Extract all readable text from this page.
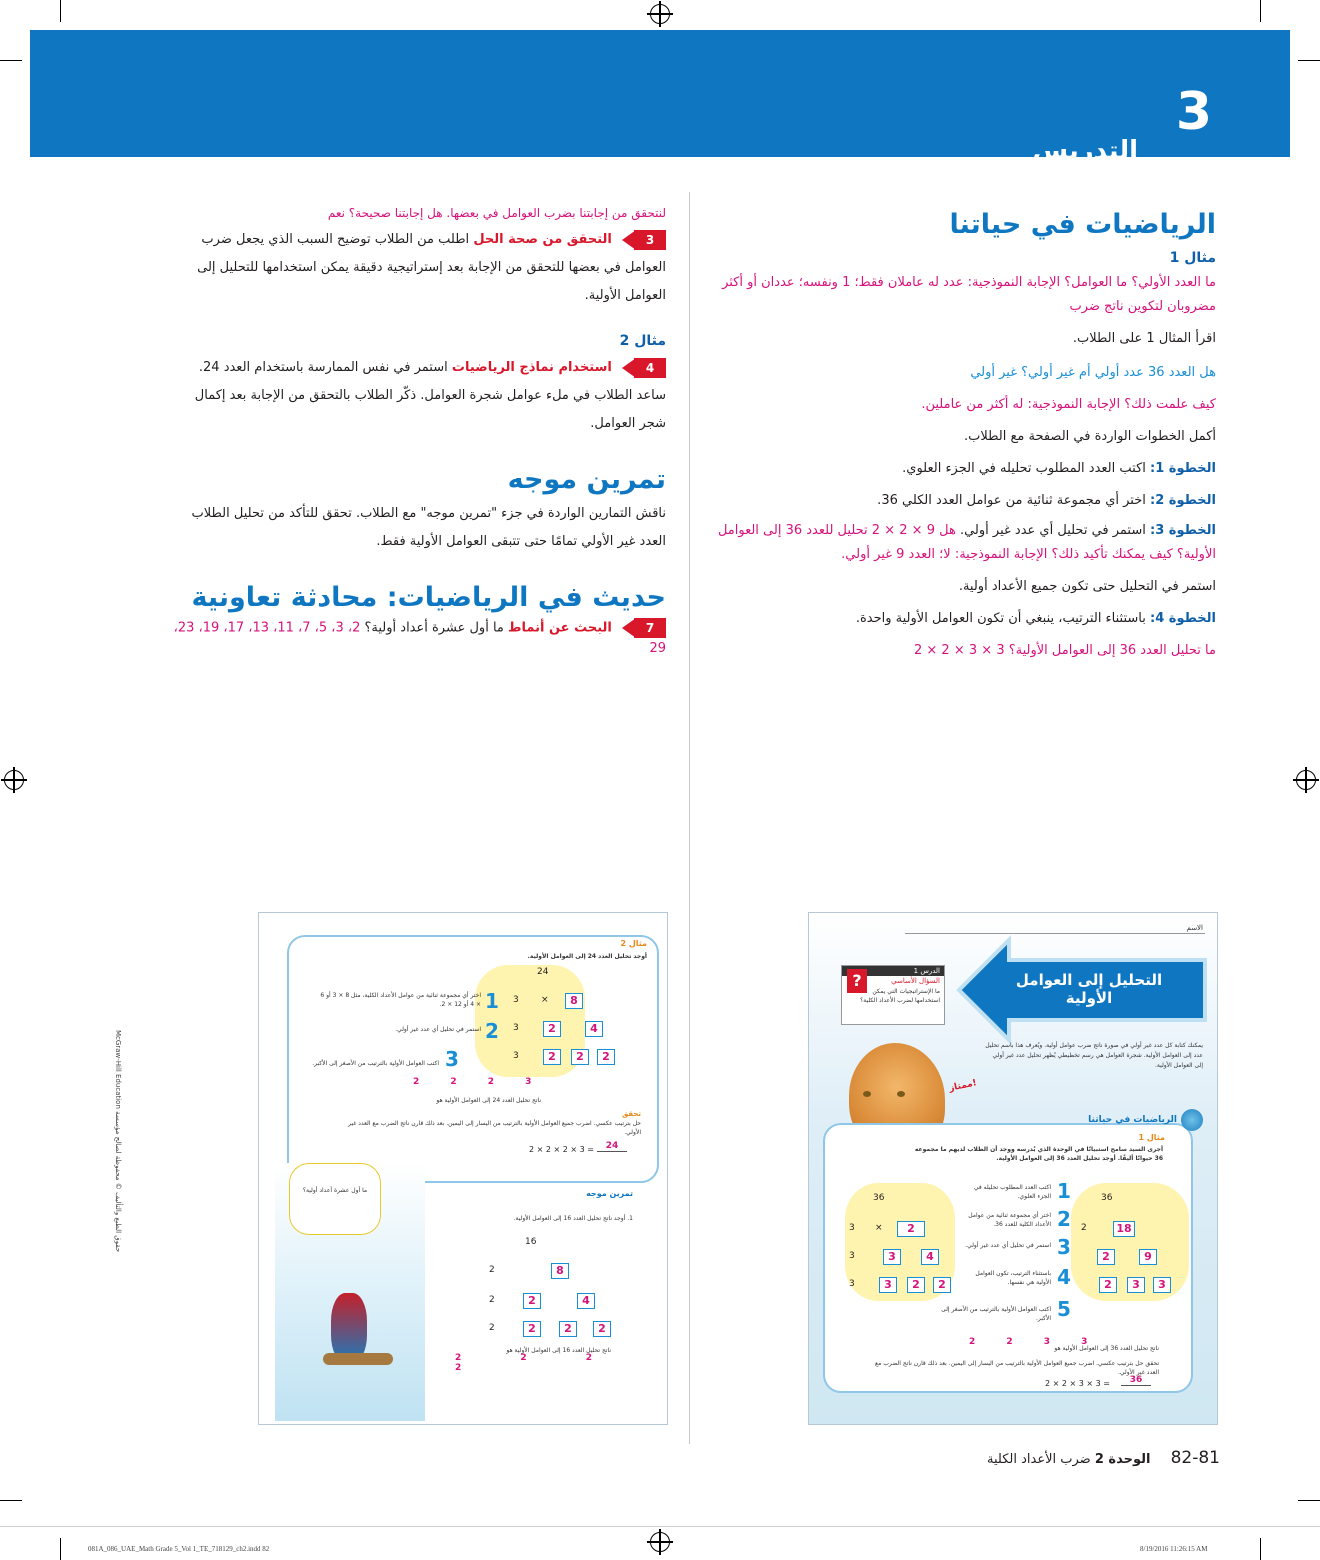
3
التدريس
الرياضيات في حياتنا
مثال 1
ما العدد الأولي؟ ما العوامل؟ الإجابة النموذجية: عدد له عاملان فقط؛ 1 ونفسه؛ عددان أو أكثر مضروبان لتكوين ناتج ضرب
اقرأ المثال 1 على الطلاب.
هل العدد 36 عدد أولي أم غير أولي؟ غير أولي
كيف علمت ذلك؟ الإجابة النموذجية: له أكثر من عاملين.
أكمل الخطوات الواردة في الصفحة مع الطلاب.
الخطوة 1: اكتب العدد المطلوب تحليله في الجزء العلوي.
الخطوة 2: اختر أي مجموعة ثنائية من عوامل العدد الكلي 36.
الخطوة 3: استمر في تحليل أي عدد غير أولي. هل 9 × 2 × 2 تحليل للعدد 36 إلى العوامل الأولية؟ كيف يمكنك تأكيد ذلك؟ الإجابة النموذجية: لا؛ العدد 9 غير أولي.
استمر في التحليل حتى تكون جميع الأعداد أولية.
الخطوة 4: باستثناء الترتيب، ينبغي أن تكون العوامل الأولية واحدة.
ما تحليل العدد 36 إلى العوامل الأولية؟ 3 × 3 × 2 × 2
لنتحقق من إجابتنا بضرب العوامل في بعضها. هل إجابتنا صحيحة؟ نعم
3
التحقق من صحة الحل اطلب من الطلاب توضيح السبب الذي يجعل ضرب العوامل في بعضها للتحقق من الإجابة بعد إستراتيجية دقيقة يمكن استخدامها للتحليل إلى العوامل الأولية.
مثال 2
4
استخدام نماذج الرياضيات استمر في نفس الممارسة باستخدام العدد 24. ساعد الطلاب في ملء عوامل شجرة العوامل. ذكّر الطلاب بالتحقق من الإجابة بعد إكمال شجر العوامل.
تمرين موجه
ناقش التمارين الواردة في جزء "تمرين موجه" مع الطلاب. تحقق للتأكد من تحليل الطلاب العدد غير الأولي تمامًا حتى تتبقى العوامل الأولية فقط.
حديث في الرياضيات: محادثة تعاونية
7
البحث عن أنماط ما أول عشرة أعداد أولية؟ 2، 3، 5، 7، 11، 13، 17، 19، 23، 29
الاسم
التحليل إلى العوامل الأولية
الدرس 1
السؤال الأساسي
ما الإستراتيجيات التي يمكن استخدامها لضرب الأعداد الكلية؟
?
يمكنك كتابة كل عدد غير أولي في صورة ناتج ضرب عوامل أولية. ويُعرف هذا باسم تحليل عدد إلى العوامل الأولية. شجرة العوامل هي رسم تخطيطي يُظهر تحليل عدد غير أولي إلى العوامل الأولية.
ممتاز!
الرياضيات في حياتنا
مثال 1
أجرى السيد سامح استبيانًا في الوحدة الذي يُدرسه ووجد أن الطلاب لديهم ما مجموعه 36 حيوانًا أليفًا. أوجد تحليل العدد 36 إلى العوامل الأولية.
36
3 ×	2
3	3	4
3	3	2	2
1
2
3
4
5
اكتب العدد المطلوب تحليله في الجزء العلوي.
اختر أي مجموعة ثنائية من عوامل الأعداد الكلية للعدد 36.
استمر في تحليل أي عدد غير أولي.
باستثناء الترتيب، تكون العوامل الأولية هي نفسها.
اكتب العوامل الأولية بالترتيب من الأصغر إلى الأكبر.
36
2	18
2	9
2	3	3
ناتج تحليل العدد 36 إلى العوامل الأولية هو
2 2 3 3
تحقق حل بترتيب عكسي. اضرب جميع العوامل الأولية بالترتيب من اليسار إلى اليمين. بعد ذلك قارن ناتج الضرب مع العدد غير الأولي.
2 × 2 × 3 × 3 =	36
مثال 2
أوجد تحليل العدد 24 إلى العوامل الأولية.
24
3 ×	8
3	2	4
3	2	2	2
1
2
3
اختر أي مجموعة ثنائية من عوامل الأعداد الكلية، مثل 8 × 3 أو 6 × 4 أو 12 × 2.
استمر في تحليل أي عدد غير أولي.
اكتب العوامل الأولية بالترتيب من الأصغر إلى الأكبر.
2 2 2 3
ناتج تحليل العدد 24 إلى العوامل الأولية هو
تحقق
حل بترتيب عكسي. اضرب جميع العوامل الأولية بالترتيب من اليسار إلى اليمين. بعد ذلك قارن ناتج الضرب مع العدد غير الأولي.
2 × 2 × 2 × 3 =	24
ما أول عشرة أعداد أولية؟	تمرين موجه
1. أوجد ناتج تحليل العدد 16 إلى العوامل الأولية.
16
2	8
2	2	4
2	2	2	2
ناتج تحليل العدد 16 إلى العوامل الأولية هو
2 2 2 2
McGraw-Hill Education حقوق الطبع والتأليف © محفوظة لصالح مؤسسة
82-81 الوحدة 2 ضرب الأعداد الكلية
081A_086_UAE_Math Grade 5_Vol 1_TE_718129_ch2.indd 82	8/19/2016 11:26:15 AM
